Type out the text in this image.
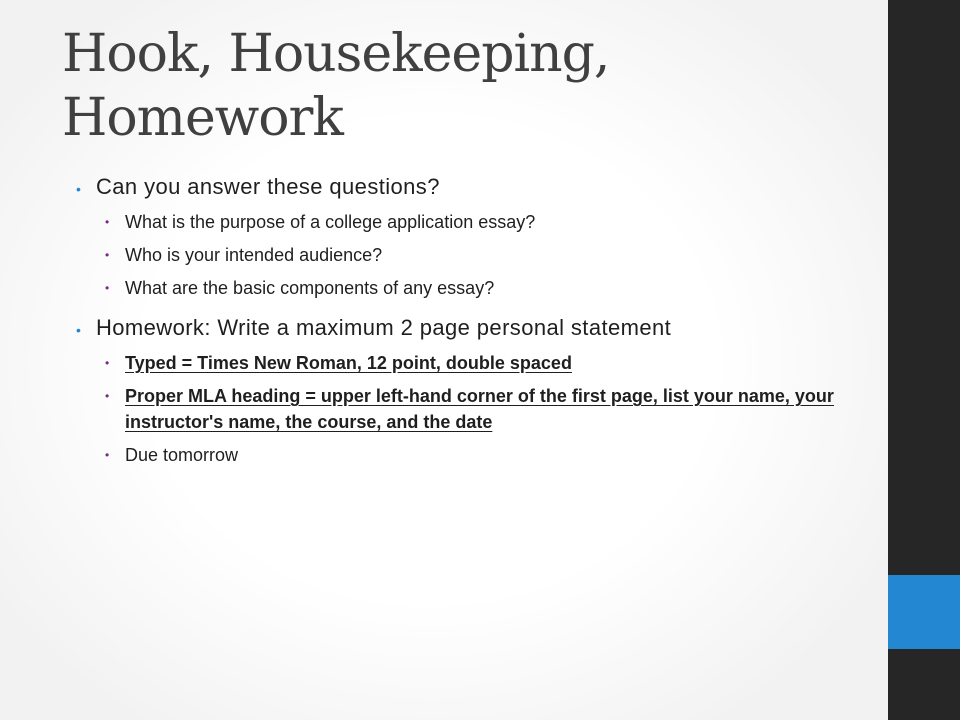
Hook, Housekeeping,
Homework
• Can you answer these questions?
• What is the purpose of a college application essay?
• Who is your intended audience?
• What are the basic components of any essay?
• Homework: Write a maximum 2 page personal statement
• Typed = Times New Roman, 12 point, double spaced
• Proper MLA heading = upper left-hand corner of the first page, list your name, your instructor's name, the course, and the date
• Due tomorrow
